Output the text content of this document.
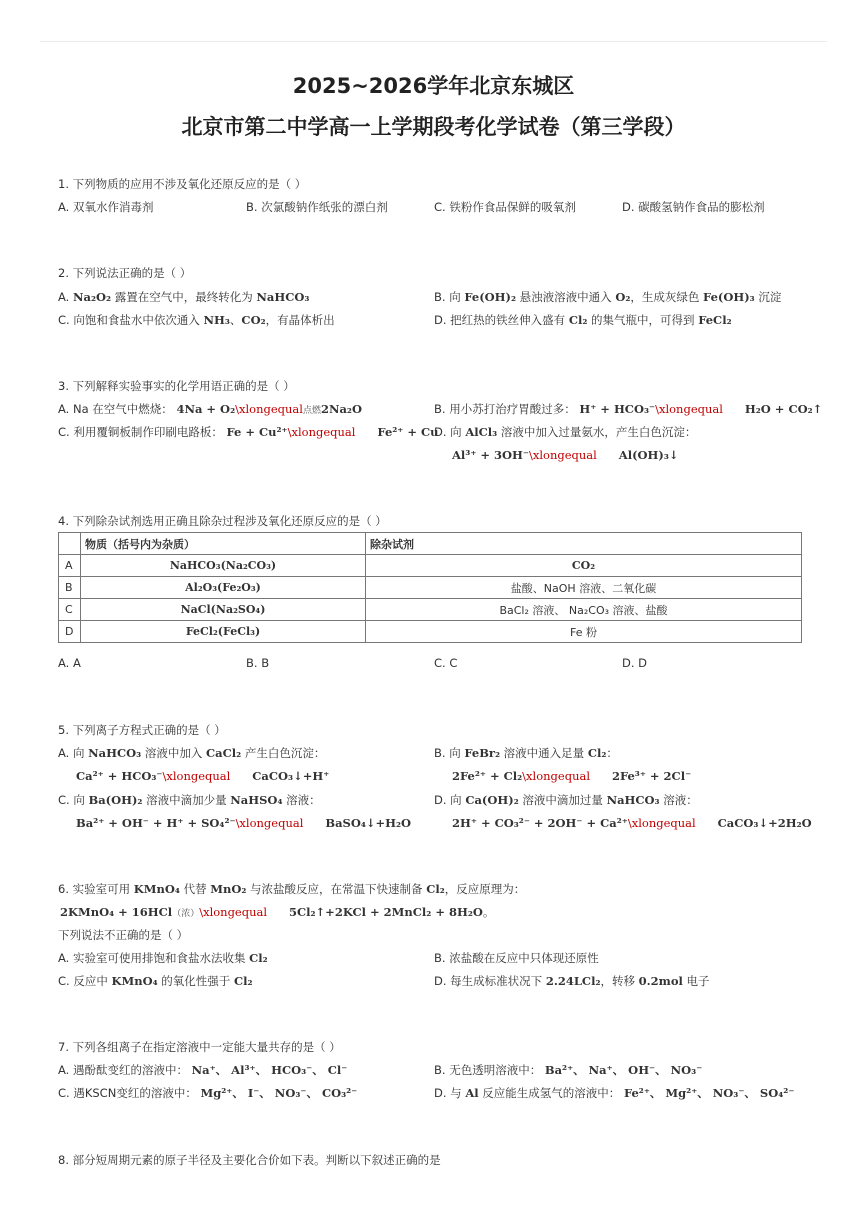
2025~2026学年北京东城区
北京市第二中学高一上学期段考化学试卷（第三学段）
1. 下列物质的应用不涉及氧化还原反应的是（ ）
A. 双氧水作消毒剂	B. 次氯酸钠作纸张的漂白剂	C. 铁粉作食品保鲜的吸氧剂	D. 碳酸氢钠作食品的膨松剂
2. 下列说法正确的是（ ）
A. Na₂O₂ 露置在空气中，最终转化为 NaHCO₃	B. 向 Fe(OH)₂ 悬浊液溶液中通入 O₂，生成灰绿色 Fe(OH)₃ 沉淀
C. 向饱和食盐水中依次通入 NH₃、CO₂，有晶体析出	D. 把红热的铁丝伸入盛有 Cl₂ 的集气瓶中，可得到 FeCl₂
3. 下列解释实验事实的化学用语正确的是（ ）
A. Na 在空气中燃烧： 4Na + O₂\xlongequal点燃2Na₂O	B. 用小苏打治疗胃酸过多： H⁺ + HCO₃⁻\xlongequal H₂O + CO₂↑
C. 利用覆铜板制作印刷电路板： Fe + Cu²⁺\xlongequal Fe²⁺ + Cu
D. 向 AlCl₃ 溶液中加入过量氨水，产生白色沉淀：
Al³⁺ + 3OH⁻\xlongequal Al(OH)₃↓
4. 下列除杂试剂选用正确且除杂过程涉及氧化还原反应的是（ ）
	物质（括号内为杂质）	除杂试剂
A	NaHCO₃(Na₂CO₃)	CO₂
B	Al₂O₃(Fe₂O₃)	盐酸、NaOH 溶液、二氧化碳
C	NaCl(Na₂SO₄)	BaCl₂ 溶液、 Na₂CO₃ 溶液、盐酸
D	FeCl₂(FeCl₃)	Fe 粉
A. A	B. B	C. C	D. D
5. 下列离子方程式正确的是（ ）
A. 向 NaHCO₃ 溶液中加入 CaCl₂ 产生白色沉淀：
Ca²⁺ + HCO₃⁻\xlongequal CaCO₃↓+H⁺
B. 向 FeBr₂ 溶液中通入足量 Cl₂：
2Fe²⁺ + Cl₂\xlongequal 2Fe³⁺ + 2Cl⁻
C. 向 Ba(OH)₂ 溶液中滴加少量 NaHSO₄ 溶液：
Ba²⁺ + OH⁻ + H⁺ + SO₄²⁻\xlongequal BaSO₄↓+H₂O
D. 向 Ca(OH)₂ 溶液中滴加过量 NaHCO₃ 溶液：
2H⁺ + CO₃²⁻ + 2OH⁻ + Ca²⁺\xlongequal CaCO₃↓+2H₂O
6. 实验室可用 KMnO₄ 代替 MnO₂ 与浓盐酸反应，在常温下快速制备 Cl₂，反应原理为：
2KMnO₄ + 16HCl（浓）\xlongequal 5Cl₂↑+2KCl + 2MnCl₂ + 8H₂O。
下列说法不正确的是（ ）
A. 实验室可使用排饱和食盐水法收集 Cl₂	B. 浓盐酸在反应中只体现还原性
C. 反应中 KMnO₄ 的氧化性强于 Cl₂	D. 每生成标准状况下 2.24LCl₂，转移 0.2mol 电子
7. 下列各组离子在指定溶液中一定能大量共存的是（ ）
A. 遇酚酞变红的溶液中： Na⁺、 Al³⁺、 HCO₃⁻、 Cl⁻	B. 无色透明溶液中： Ba²⁺、 Na⁺、 OH⁻、 NO₃⁻
C. 遇KSCN变红的溶液中： Mg²⁺、 I⁻、 NO₃⁻、 CO₃²⁻	D. 与 Al 反应能生成氢气的溶液中： Fe²⁺、 Mg²⁺、 NO₃⁻、 SO₄²⁻
8. 部分短周期元素的原子半径及主要化合价如下表。判断以下叙述正确的是
